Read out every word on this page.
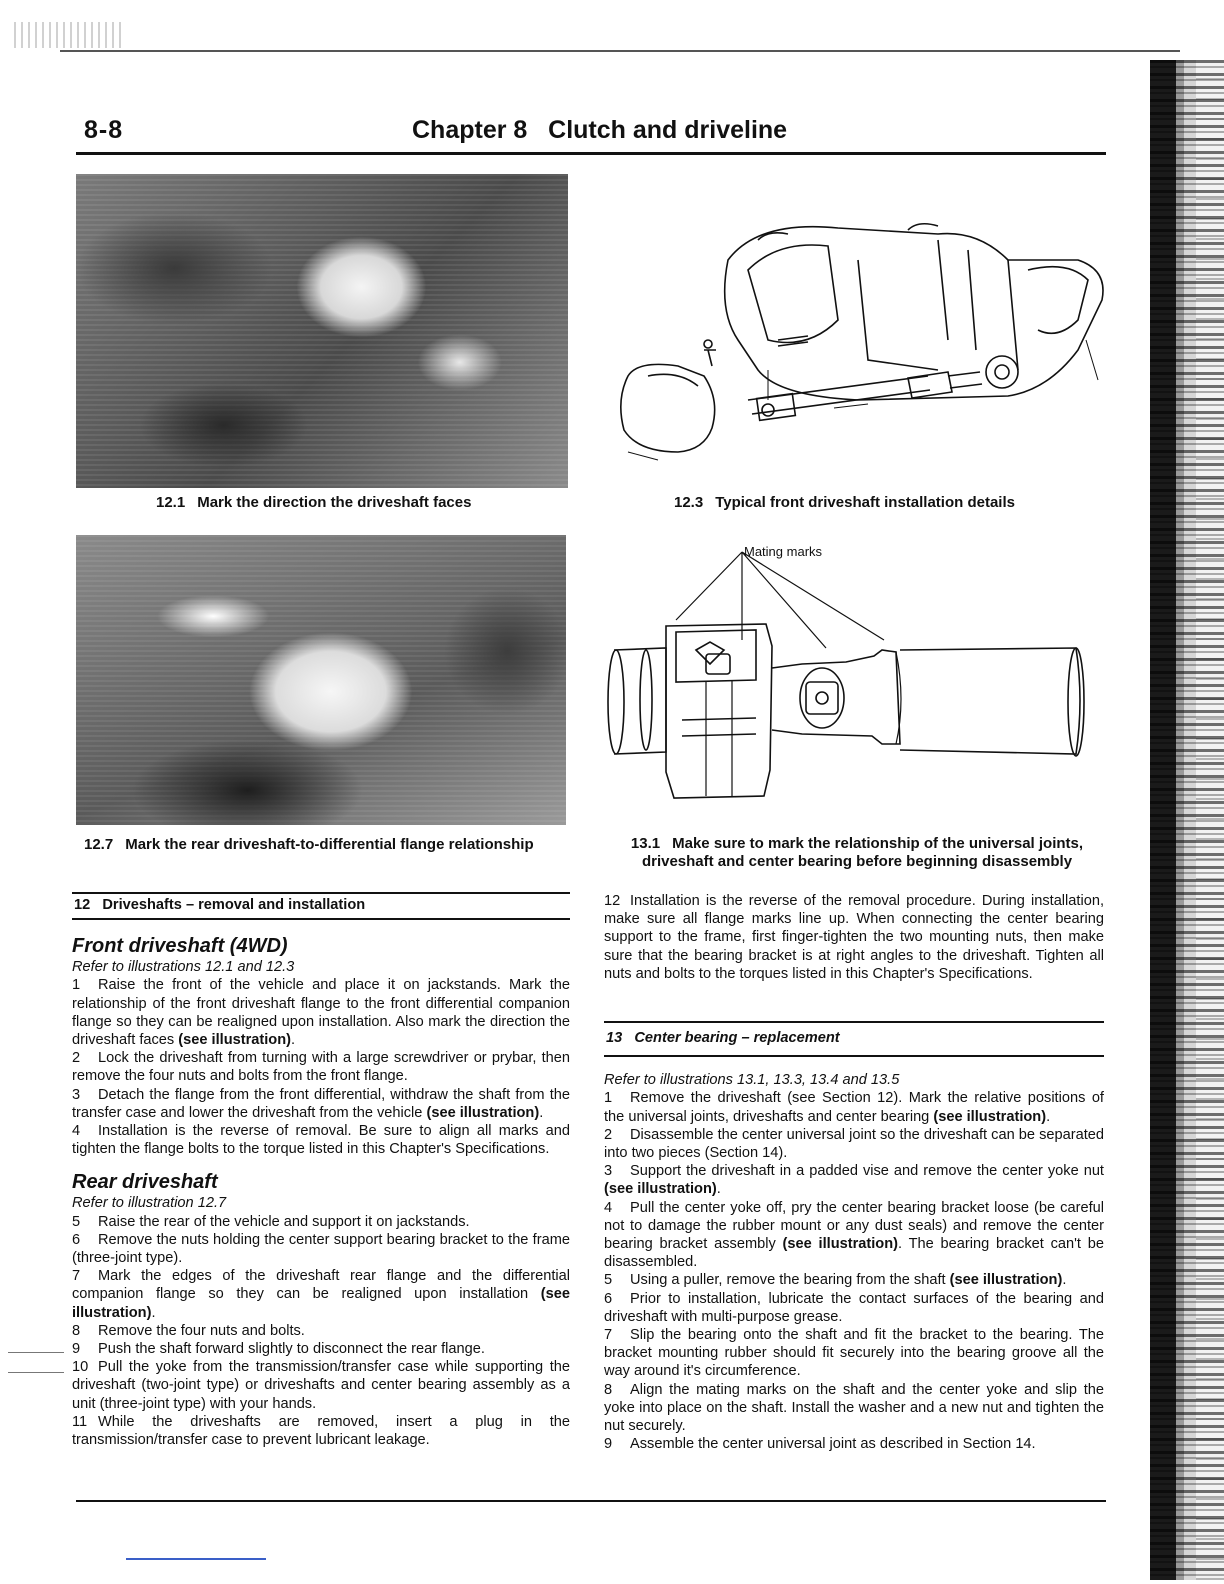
8-8	Chapter 8   Clutch and driveline
12.1 Mark the direction the driveshaft faces	12.3 Typical front driveshaft installation details
12.7 Mark the rear driveshaft-to-differential flange relationship
Mating marks
13.1 Make sure to mark the relationship of the universal joints, driveshaft and center bearing before beginning disassembly
12   Driveshafts – removal and installation
Front driveshaft (4WD)
Refer to illustrations 12.1 and 12.3
1 Raise the front of the vehicle and place it on jackstands. Mark the relationship of the front driveshaft flange to the front differential companion flange so they can be realigned upon installation. Also mark the direction the driveshaft faces (see illustration).
2 Lock the driveshaft from turning with a large screwdriver or prybar, then remove the four nuts and bolts from the front flange.
3 Detach the flange from the front differential, withdraw the shaft from the transfer case and lower the driveshaft from the vehicle (see illustration).
4 Installation is the reverse of removal. Be sure to align all marks and tighten the flange bolts to the torque listed in this Chapter's Specifications.
Rear driveshaft
Refer to illustration 12.7
5 Raise the rear of the vehicle and support it on jackstands.
6 Remove the nuts holding the center support bearing bracket to the frame (three-joint type).
7 Mark the edges of the driveshaft rear flange and the differential companion flange so they can be realigned upon installation (see illustration).
8 Remove the four nuts and bolts.
9 Push the shaft forward slightly to disconnect the rear flange.
10 Pull the yoke from the transmission/transfer case while supporting the driveshaft (two-joint type) or driveshafts and center bearing assembly as a unit (three-joint type) with your hands.
11 While the driveshafts are removed, insert a plug in the transmission/transfer case to prevent lubricant leakage.
12 Installation is the reverse of the removal procedure. During installation, make sure all flange marks line up. When connecting the center bearing support to the frame, first finger-tighten the two mounting nuts, then make sure that the bearing bracket is at right angles to the driveshaft. Tighten all nuts and bolts to the torques listed in this Chapter's Specifications.
13   Center bearing – replacement
Refer to illustrations 13.1, 13.3, 13.4 and 13.5
1 Remove the driveshaft (see Section 12). Mark the relative positions of the universal joints, driveshafts and center bearing (see illustration).
2 Disassemble the center universal joint so the driveshaft can be separated into two pieces (Section 14).
3 Support the driveshaft in a padded vise and remove the center yoke nut (see illustration).
4 Pull the center yoke off, pry the center bearing bracket loose (be careful not to damage the rubber mount or any dust seals) and remove the center bearing bracket assembly (see illustration). The bearing bracket can't be disassembled.
5 Using a puller, remove the bearing from the shaft (see illustration).
6 Prior to installation, lubricate the contact surfaces of the bearing and driveshaft with multi-purpose grease.
7 Slip the bearing onto the shaft and fit the bracket to the bearing. The bracket mounting rubber should fit securely into the bearing groove all the way around it's circumference.
8 Align the mating marks on the shaft and the center yoke and slip the yoke into place on the shaft. Install the washer and a new nut and tighten the nut securely.
9 Assemble the center universal joint as described in Section 14.
